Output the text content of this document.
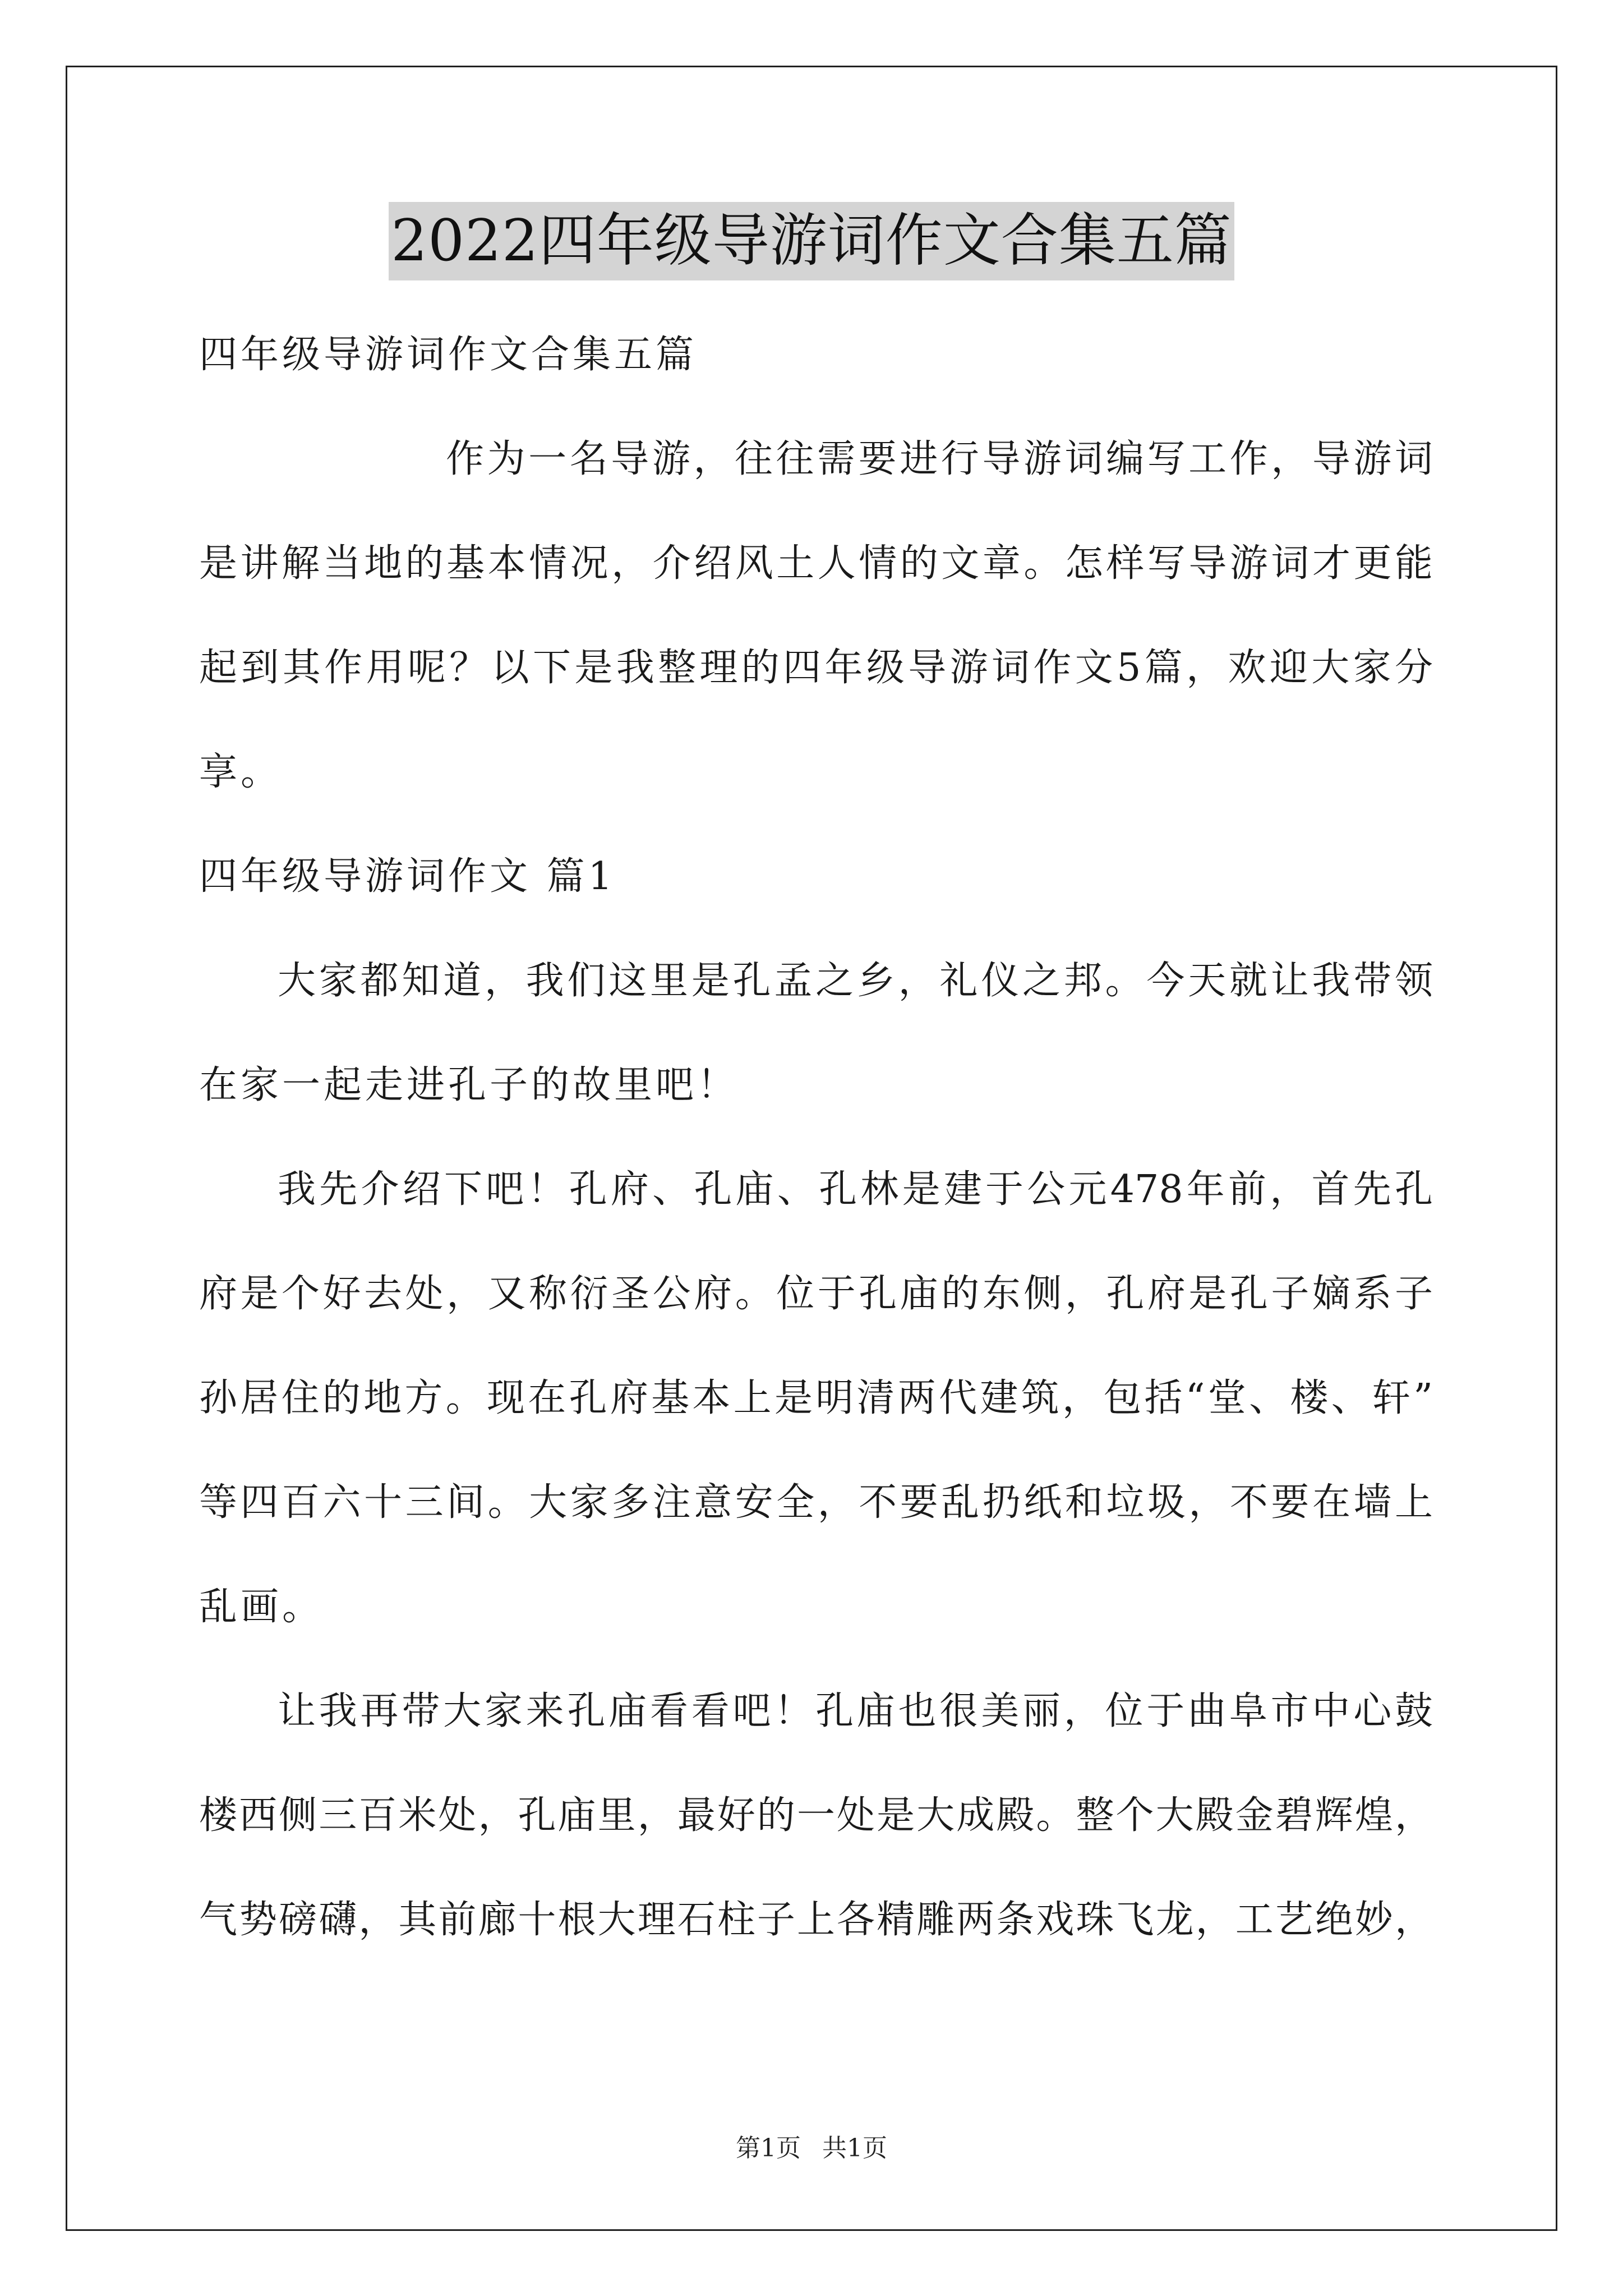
2022四年级导游词作文合集五篇
四年级导游词作文合集五篇
作为一名导游，往往需要进行导游词编写工作，导游词
是讲解当地的基本情况，介绍风土人情的文章。怎样写导游词才更能
起到其作用呢？以下是我整理的四年级导游词作文5篇，欢迎大家分
享。
四年级导游词作文 篇1
大家都知道，我们这里是孔孟之乡，礼仪之邦。今天就让我带领
在家一起走进孔子的故里吧！
我先介绍下吧！孔府、孔庙、孔林是建于公元478年前，首先孔
府是个好去处，又称衍圣公府。位于孔庙的东侧，孔府是孔子嫡系子
孙居住的地方。现在孔府基本上是明清两代建筑，包括“堂、楼、轩”
等四百六十三间。大家多注意安全，不要乱扔纸和垃圾，不要在墙上
乱画。
让我再带大家来孔庙看看吧！孔庙也很美丽，位于曲阜市中心鼓
楼西侧三百米处，孔庙里，最好的一处是大成殿。整个大殿金碧辉煌，
气势磅礴，其前廊十根大理石柱子上各精雕两条戏珠飞龙，工艺绝妙，
第1页 共1页
